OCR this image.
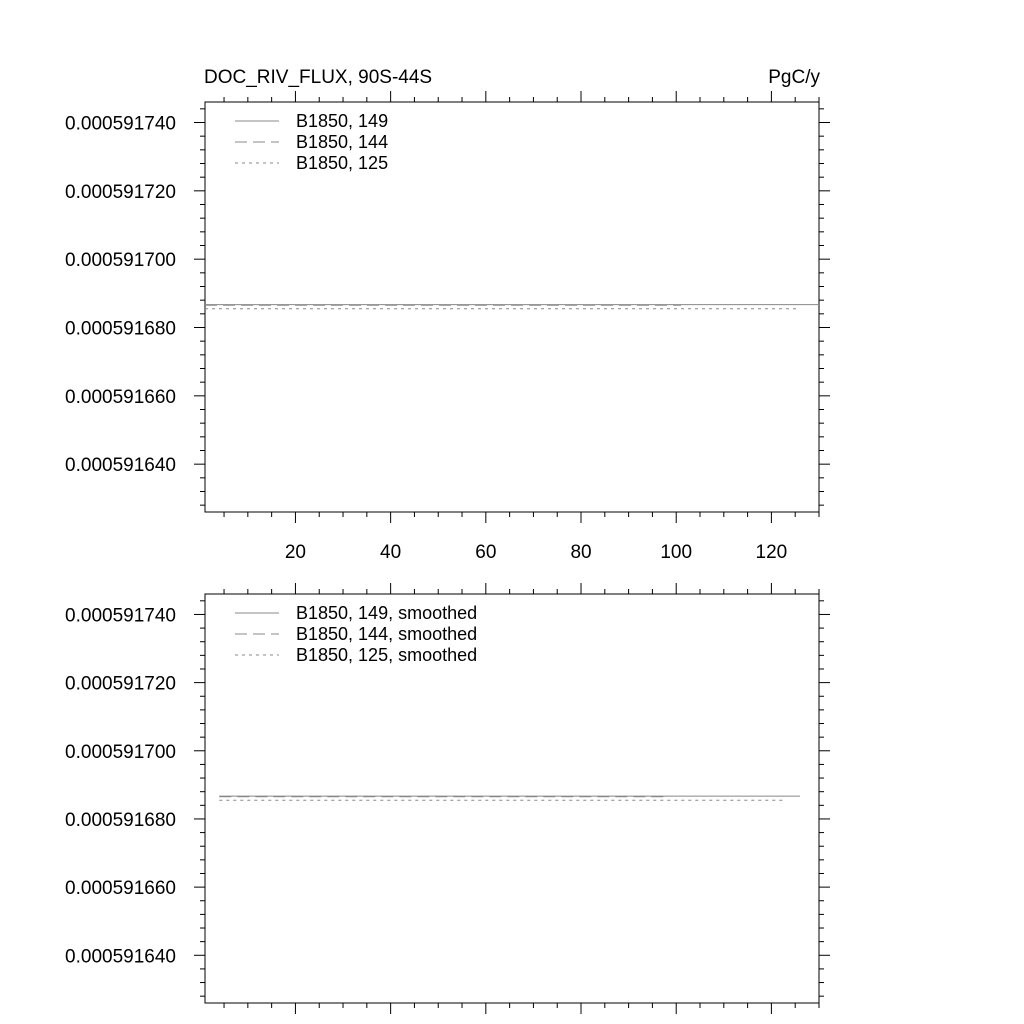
DOC_RIV_FLUX, 90S-44S	PgC/y
20	40	60	80	100	120
0.000591640
0.000591660
0.000591680
0.000591700
0.000591720
0.000591740	B1850, 149
B1850, 144
B1850, 125
0.000591640
0.000591660
0.000591680
0.000591700
0.000591720
0.000591740	B1850, 149, smoothed
B1850, 144, smoothed
B1850, 125, smoothed
